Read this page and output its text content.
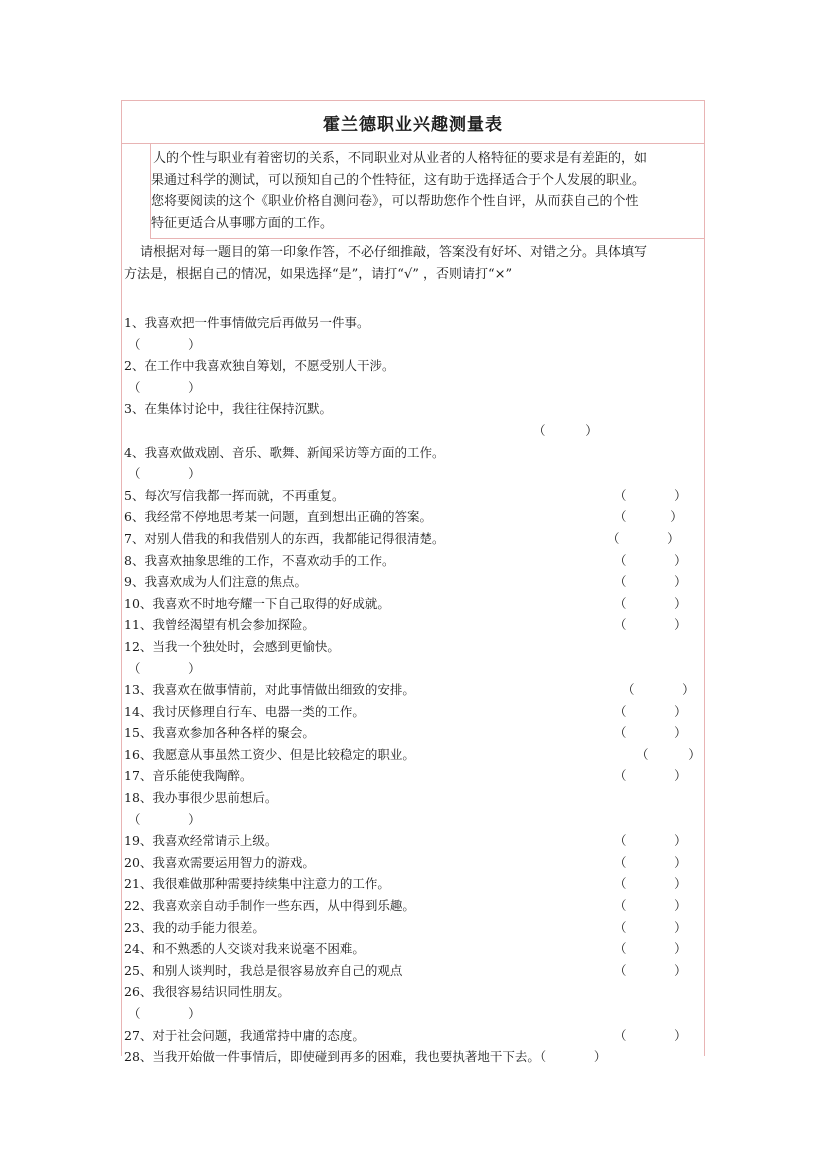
霍兰德职业兴趣测量表

人的个性与职业有着密切的关系，不同职业对从业者的人格特征的要求是有差距的，如

果通过科学的测试，可以预知自己的个性特征，这有助于选择适合于个人发展的职业。

您将要阅读的这个《职业价格自测问卷》，可以帮助您作个性自评，从而获自己的个性

特征更适合从事哪方面的工作。

请根据对每一题目的第一印象作答，不必仔细推敲，答案没有好坏、对错之分。具体填写

方法是，根据自己的情况，如果选择“是”，请打“√” ，否则请打“×”

1、我喜欢把一件事情做完后再做另一件事。
（            ）
2、在工作中我喜欢独自筹划，不愿受别人干涉。
（            ）
3、在集体讨论中，我往往保持沉默。
（          ）
4、我喜欢做戏剧、音乐、歌舞、新闻采访等方面的工作。
（            ）
5、每次写信我都一挥而就，不再重复。	（            ）
6、我经常不停地思考某一问题，直到想出正确的答案。	（           ）
7、对别人借我的和我借别人的东西，我都能记得很清楚。	（            ）
8、我喜欢抽象思维的工作，不喜欢动手的工作。	（            ）
9、我喜欢成为人们注意的焦点。	（            ）
10、我喜欢不时地夸耀一下自己取得的好成就。	（            ）
11、我曾经渴望有机会参加探险。	（            ）
12、当我一个独处时，会感到更愉快。
（            ）
13、我喜欢在做事情前，对此事情做出细致的安排。	（            ）
14、我讨厌修理自行车、电器一类的工作。	（            ）
15、我喜欢参加各种各样的聚会。	（            ）
16、我愿意从事虽然工资少、但是比较稳定的职业。	（          ）
17、音乐能使我陶醉。	（            ）
18、我办事很少思前想后。
（            ）
19、我喜欢经常请示上级。	（            ）
20、我喜欢需要运用智力的游戏。	（            ）
21、我很难做那种需要持续集中注意力的工作。	（            ）
22、我喜欢亲自动手制作一些东西，从中得到乐趣。	（            ）
23、我的动手能力很差。	（            ）
24、和不熟悉的人交谈对我来说毫不困难。	（            ）
25、和别人谈判时，我总是很容易放弃自己的观点	（            ）
26、我很容易结识同性朋友。
（            ）
27、对于社会问题，我通常持中庸的态度。	（            ）
28、当我开始做一件事情后，即使碰到再多的困难，我也要执著地干下去。（            ）
